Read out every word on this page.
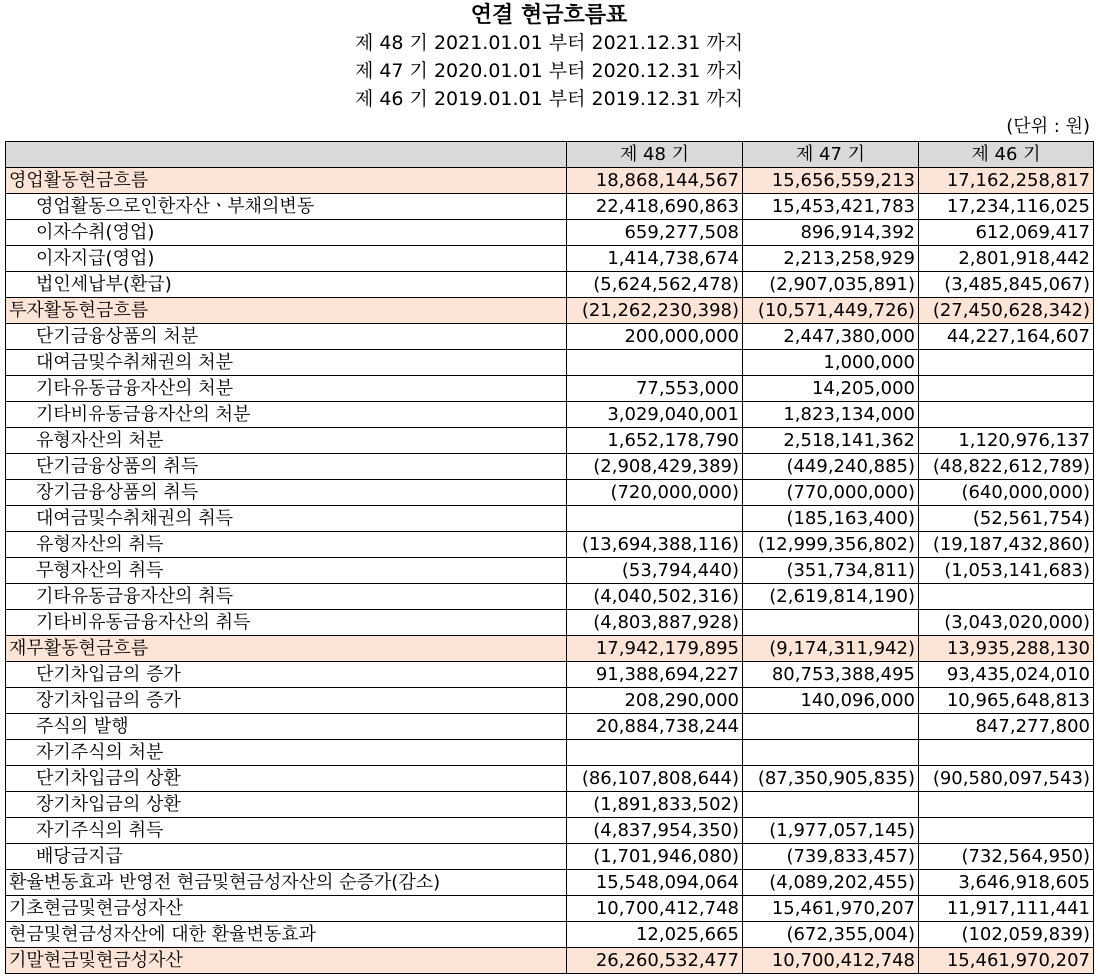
연결 현금흐름표
제 48 기 2021.01.01 부터 2021.12.31 까지
제 47 기 2020.01.01 부터 2020.12.31 까지
제 46 기 2019.01.01 부터 2019.12.31 까지
(단위 : 원)
	제 48 기	제 47 기	제 46 기
영업활동현금흐름	18,868,144,567	15,656,559,213	17,162,258,817
영업활동으로인한자산ㆍ부채의변동	22,418,690,863	15,453,421,783	17,234,116,025
이자수취(영업)	659,277,508	896,914,392	612,069,417
이자지급(영업)	1,414,738,674	2,213,258,929	2,801,918,442
법인세납부(환급)	(5,624,562,478)	(2,907,035,891)	(3,485,845,067)
투자활동현금흐름	(21,262,230,398)	(10,571,449,726)	(27,450,628,342)
단기금융상품의 처분	200,000,000	2,447,380,000	44,227,164,607
대여금및수취채권의 처분		1,000,000	
기타유동금융자산의 처분	77,553,000	14,205,000	
기타비유동금융자산의 처분	3,029,040,001	1,823,134,000	
유형자산의 처분	1,652,178,790	2,518,141,362	1,120,976,137
단기금융상품의 취득	(2,908,429,389)	(449,240,885)	(48,822,612,789)
장기금융상품의 취득	(720,000,000)	(770,000,000)	(640,000,000)
대여금및수취채권의 취득		(185,163,400)	(52,561,754)
유형자산의 취득	(13,694,388,116)	(12,999,356,802)	(19,187,432,860)
무형자산의 취득	(53,794,440)	(351,734,811)	(1,053,141,683)
기타유동금융자산의 취득	(4,040,502,316)	(2,619,814,190)	
기타비유동금융자산의 취득	(4,803,887,928)		(3,043,020,000)
재무활동현금흐름	17,942,179,895	(9,174,311,942)	13,935,288,130
단기차입금의 증가	91,388,694,227	80,753,388,495	93,435,024,010
장기차입금의 증가	208,290,000	140,096,000	10,965,648,813
주식의 발행	20,884,738,244		847,277,800
자기주식의 처분			
단기차입금의 상환	(86,107,808,644)	(87,350,905,835)	(90,580,097,543)
장기차입금의 상환	(1,891,833,502)		
자기주식의 취득	(4,837,954,350)	(1,977,057,145)	
배당금지급	(1,701,946,080)	(739,833,457)	(732,564,950)
환율변동효과 반영전 현금및현금성자산의 순증가(감소)	15,548,094,064	(4,089,202,455)	3,646,918,605
기초현금및현금성자산	10,700,412,748	15,461,970,207	11,917,111,441
현금및현금성자산에 대한 환율변동효과	12,025,665	(672,355,004)	(102,059,839)
기말현금및현금성자산	26,260,532,477	10,700,412,748	15,461,970,207
